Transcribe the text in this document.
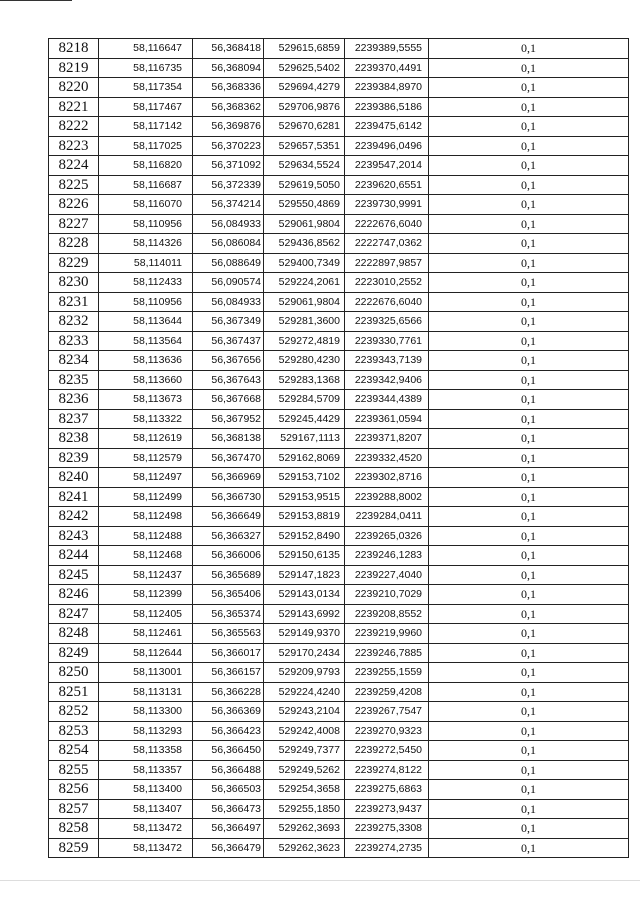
8218	58,116647	56,368418	529615,6859	2239389,5555	0,1
8219	58,116735	56,368094	529625,5402	2239370,4491	0,1
8220	58,117354	56,368336	529694,4279	2239384,8970	0,1
8221	58,117467	56,368362	529706,9876	2239386,5186	0,1
8222	58,117142	56,369876	529670,6281	2239475,6142	0,1
8223	58,117025	56,370223	529657,5351	2239496,0496	0,1
8224	58,116820	56,371092	529634,5524	2239547,2014	0,1
8225	58,116687	56,372339	529619,5050	2239620,6551	0,1
8226	58,116070	56,374214	529550,4869	2239730,9991	0,1
8227	58,110956	56,084933	529061,9804	2222676,6040	0,1
8228	58,114326	56,086084	529436,8562	2222747,0362	0,1
8229	58,114011	56,088649	529400,7349	2222897,9857	0,1
8230	58,112433	56,090574	529224,2061	2223010,2552	0,1
8231	58,110956	56,084933	529061,9804	2222676,6040	0,1
8232	58,113644	56,367349	529281,3600	2239325,6566	0,1
8233	58,113564	56,367437	529272,4819	2239330,7761	0,1
8234	58,113636	56,367656	529280,4230	2239343,7139	0,1
8235	58,113660	56,367643	529283,1368	2239342,9406	0,1
8236	58,113673	56,367668	529284,5709	2239344,4389	0,1
8237	58,113322	56,367952	529245,4429	2239361,0594	0,1
8238	58,112619	56,368138	529167,1113	2239371,8207	0,1
8239	58,112579	56,367470	529162,8069	2239332,4520	0,1
8240	58,112497	56,366969	529153,7102	2239302,8716	0,1
8241	58,112499	56,366730	529153,9515	2239288,8002	0,1
8242	58,112498	56,366649	529153,8819	2239284,0411	0,1
8243	58,112488	56,366327	529152,8490	2239265,0326	0,1
8244	58,112468	56,366006	529150,6135	2239246,1283	0,1
8245	58,112437	56,365689	529147,1823	2239227,4040	0,1
8246	58,112399	56,365406	529143,0134	2239210,7029	0,1
8247	58,112405	56,365374	529143,6992	2239208,8552	0,1
8248	58,112461	56,365563	529149,9370	2239219,9960	0,1
8249	58,112644	56,366017	529170,2434	2239246,7885	0,1
8250	58,113001	56,366157	529209,9793	2239255,1559	0,1
8251	58,113131	56,366228	529224,4240	2239259,4208	0,1
8252	58,113300	56,366369	529243,2104	2239267,7547	0,1
8253	58,113293	56,366423	529242,4008	2239270,9323	0,1
8254	58,113358	56,366450	529249,7377	2239272,5450	0,1
8255	58,113357	56,366488	529249,5262	2239274,8122	0,1
8256	58,113400	56,366503	529254,3658	2239275,6863	0,1
8257	58,113407	56,366473	529255,1850	2239273,9437	0,1
8258	58,113472	56,366497	529262,3693	2239275,3308	0,1
8259	58,113472	56,366479	529262,3623	2239274,2735	0,1
